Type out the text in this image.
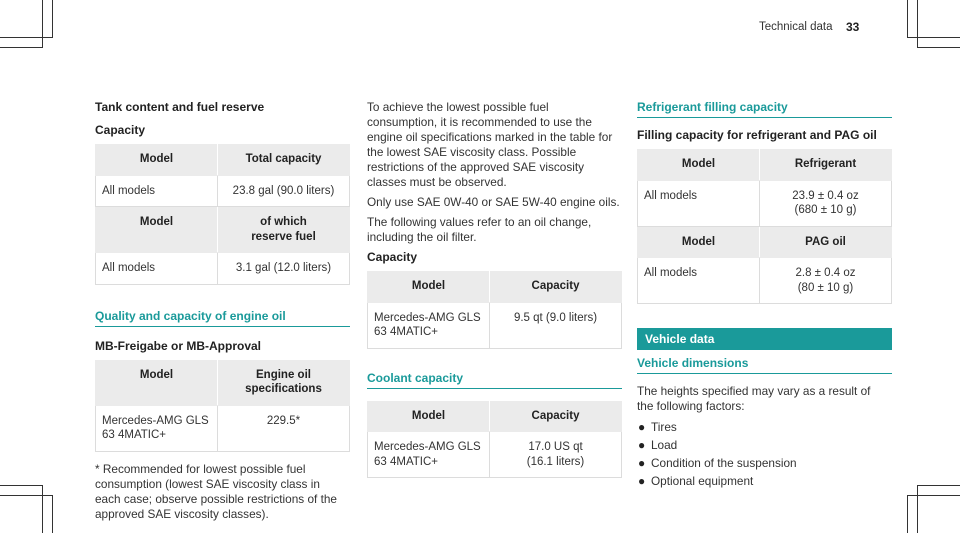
Technical data 33
Tank content and fuel reserve
Capacity
Model	Total capacity
All models	23.8 gal (90.0 liters)
Model	of which reserve fuel
All models	3.1 gal (12.0 liters)
Quality and capacity of engine oil
MB-Freigabe or MB-Approval
Model	Engine oil specifications
Mercedes-AMG GLS 63 4MATIC+	229.5*
* Recommended for lowest possible fuel consumption (lowest SAE viscosity class in each case; observe possible restrictions of the approved SAE viscosity classes).
To achieve the lowest possible fuel consumption, it is recommended to use the engine oil specifications marked in the table for the lowest SAE viscosity class. Possible restrictions of the approved SAE viscosity classes must be observed.
Only use SAE 0W-40 or SAE 5W-40 engine oils.
The following values refer to an oil change, including the oil filter.
Capacity
Model	Capacity
Mercedes-AMG GLS 63 4MATIC+	9.5 qt (9.0 liters)
Coolant capacity
Model	Capacity
Mercedes-AMG GLS 63 4MATIC+	17.0 US qt (16.1 liters)
Refrigerant filling capacity
Filling capacity for refrigerant and PAG oil
Model	Refrigerant
All models	23.9 ± 0.4 oz (680 ± 10 g)
Model	PAG oil
All models	2.8 ± 0.4 oz (80 ± 10 g)
Vehicle data
Vehicle dimensions
The heights specified may vary as a result of the following factors:
● Tires
● Load
● Condition of the suspension
● Optional equipment
